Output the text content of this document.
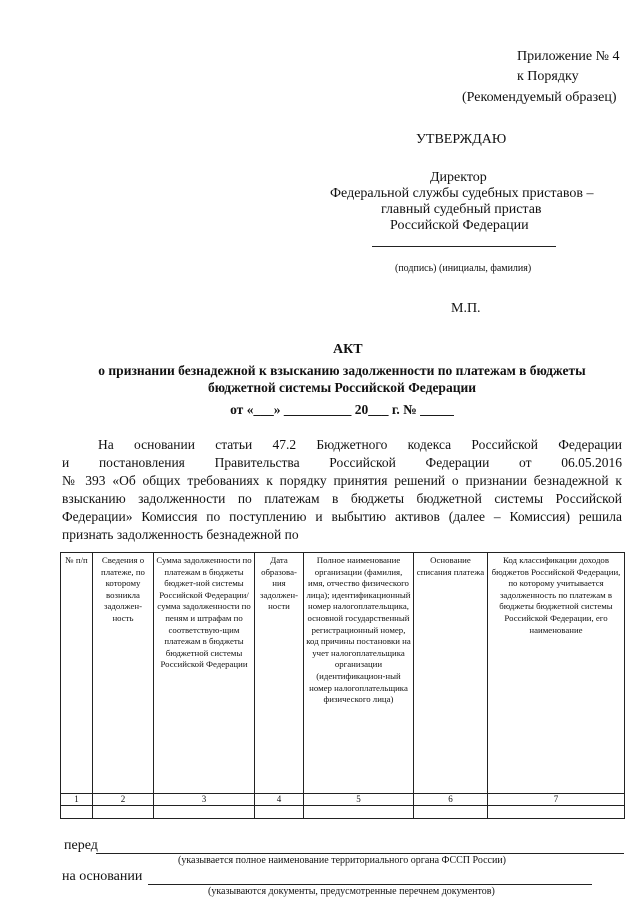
Приложение № 4
к Порядку
(Рекомендуемый образец)
УТВЕРЖДАЮ
Директор
Федеральной службы судебных приставов –
главный судебный пристав
Российской Федерации
(подпись) (инициалы, фамилия)
М.П.
АКТ
о признании безнадежной к взысканию задолженности по платежам в бюджеты
бюджетной системы Российской Федерации
от «___» __________ 20___ г. № _____
На основании статьи 47.2 Бюджетного кодекса Российской Федерации
и постановления Правительства Российской Федерации от 06.05.2016
№ 393 «Об общих требованиях к порядку принятия решений о признании безнадежной к
взысканию задолженности по платежам в бюджеты бюджетной системы Российской
Федерации» Комиссия по поступлению и выбытию активов (далее – Комиссия) решила
признать задолженность безнадежной по
№ п/п	Сведения о платеже, по которому возникла задолжен-ность	Сумма задолженности по платежам в бюджеты бюджет-ной системы Российской Федерации/ сумма задолженности по пеням и штрафам по соответствую-щим платежам в бюджеты бюджетной системы Российской Федерации	Дата образова-ния задолжен-ности	Полное наименование организации (фамилия, имя, отчество физического лица); идентификационный номер налогоплательщика, основной государственный регистрационный номер, код причины постановки на учет налогоплательщика организации (идентификацион-ный номер налогоплательщика физического лица)	Основание списания платежа	Код классификации доходов бюджетов Российской Федерации, по которому учитывается задолженность по платежам в бюджеты бюджетной системы Российской Федерации, его наименование
1	2	3	4	5	6	7

перед
(указывается полное наименование территориального органа ФССП России)
на основании
(указываются документы, предусмотренные перечнем документов)
